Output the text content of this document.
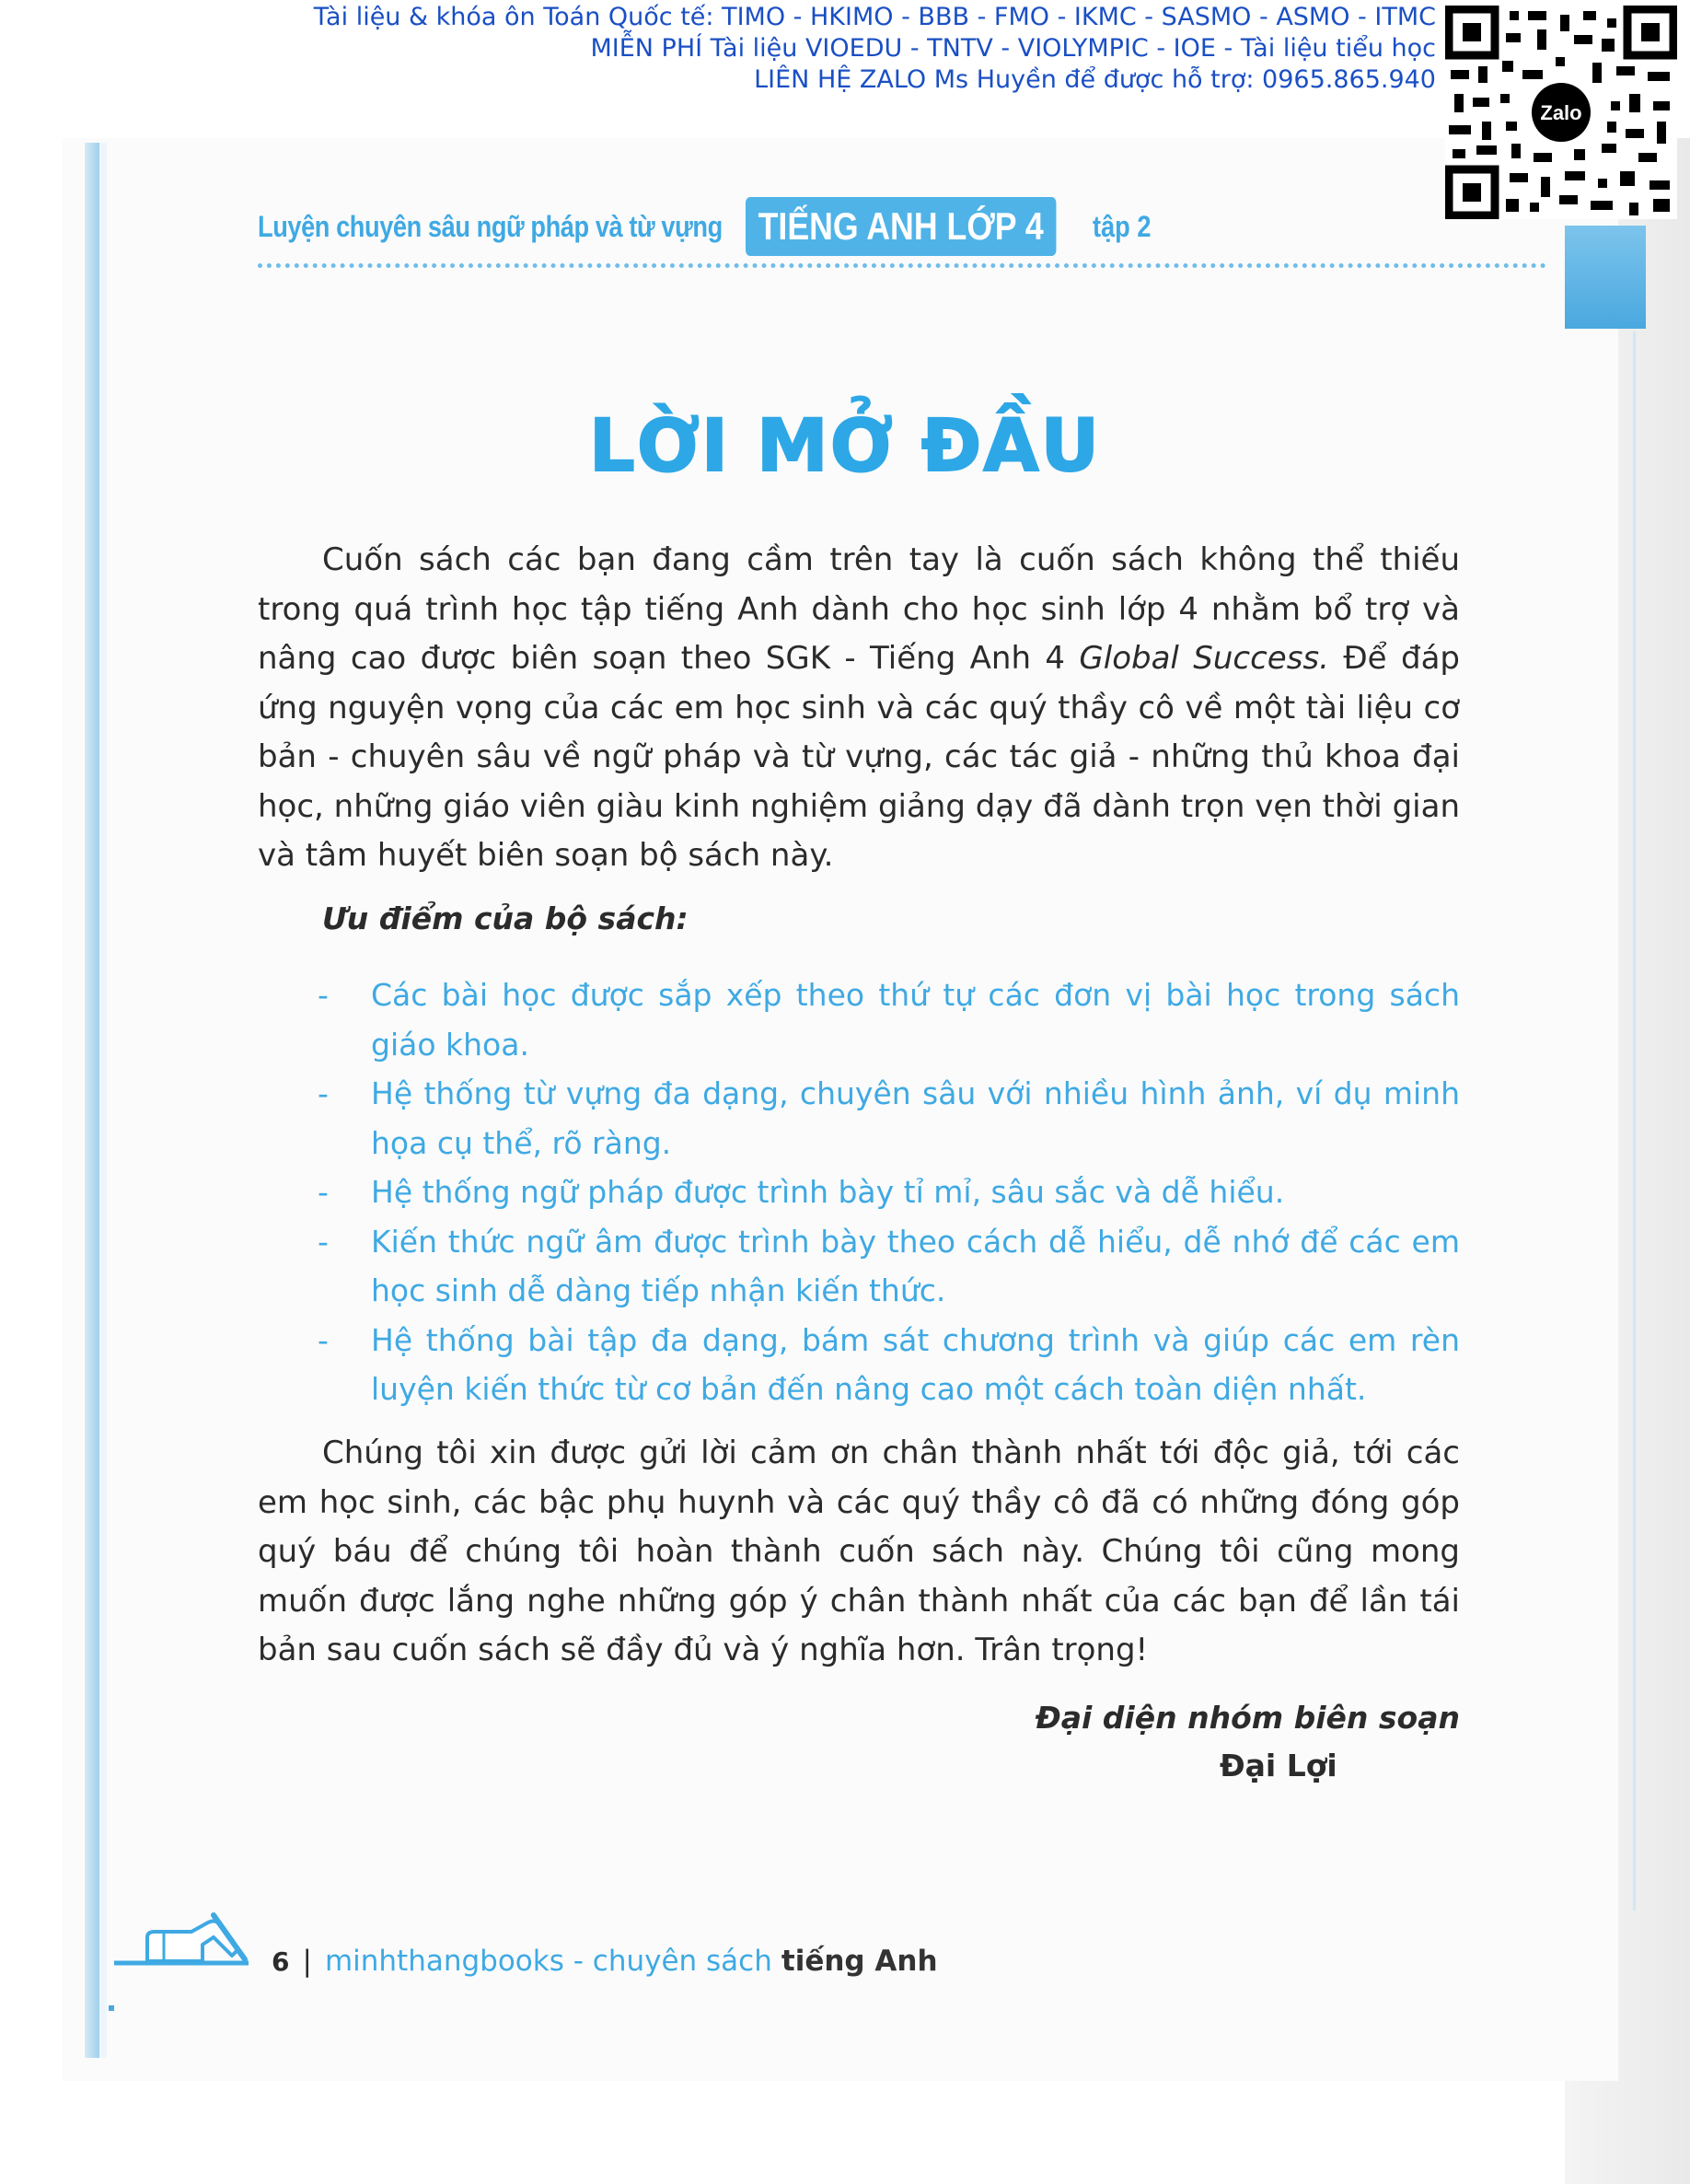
Tài liệu & khóa ôn Toán Quốc tế: TIMO - HKIMO - BBB - FMO - IKMC - SASMO - ASMO - ITMC
MIỄN PHÍ Tài liệu VIOEDU - TNTV - VIOLYMPIC - IOE - Tài liệu tiểu học
LIÊN HỆ ZALO Ms Huyền để được hỗ trợ: 0965.865.940
Zalo
Luyện chuyên sâu ngữ pháp và từ vựng TIẾNG ANH LỚP 4	tập 2
LỜI MỞ ĐẦU

Cuốn sách các bạn đang cầm trên tay là cuốn sách không thể thiếu trong quá trình học tập tiếng Anh dành cho học sinh lớp 4 nhằm bổ trợ và nâng cao được biên soạn theo SGK - Tiếng Anh 4 Global Success. Để đáp ứng nguyện vọng của các em học sinh và các quý thầy cô về một tài liệu cơ bản - chuyên sâu về ngữ pháp và từ vựng, các tác giả - những thủ khoa đại học, những giáo viên giàu kinh nghiệm giảng dạy đã dành trọn vẹn thời gian và tâm huyết biên soạn bộ sách này.

Ưu điểm của bộ sách:
- Các bài học được sắp xếp theo thứ tự các đơn vị bài học trong sách giáo khoa.
- Hệ thống từ vựng đa dạng, chuyên sâu với nhiều hình ảnh, ví dụ minh họa cụ thể, rõ ràng.
- Hệ thống ngữ pháp được trình bày tỉ mỉ, sâu sắc và dễ hiểu.
- Kiến thức ngữ âm được trình bày theo cách dễ hiểu, dễ nhớ để các em học sinh dễ dàng tiếp nhận kiến thức.
- Hệ thống bài tập đa dạng, bám sát chương trình và giúp các em rèn luyện kiến thức từ cơ bản đến nâng cao một cách toàn diện nhất.

Chúng tôi xin được gửi lời cảm ơn chân thành nhất tới độc giả, tới các em học sinh, các bậc phụ huynh và các quý thầy cô đã có những đóng góp quý báu để chúng tôi hoàn thành cuốn sách này. Chúng tôi cũng mong muốn được lắng nghe những góp ý chân thành nhất của các bạn để lần tái bản sau cuốn sách sẽ đầy đủ và ý nghĩa hơn. Trân trọng!

Đại diện nhóm biên soạn
Đại Lợi
6 | minhthangbooks - chuyên sách tiếng Anh
